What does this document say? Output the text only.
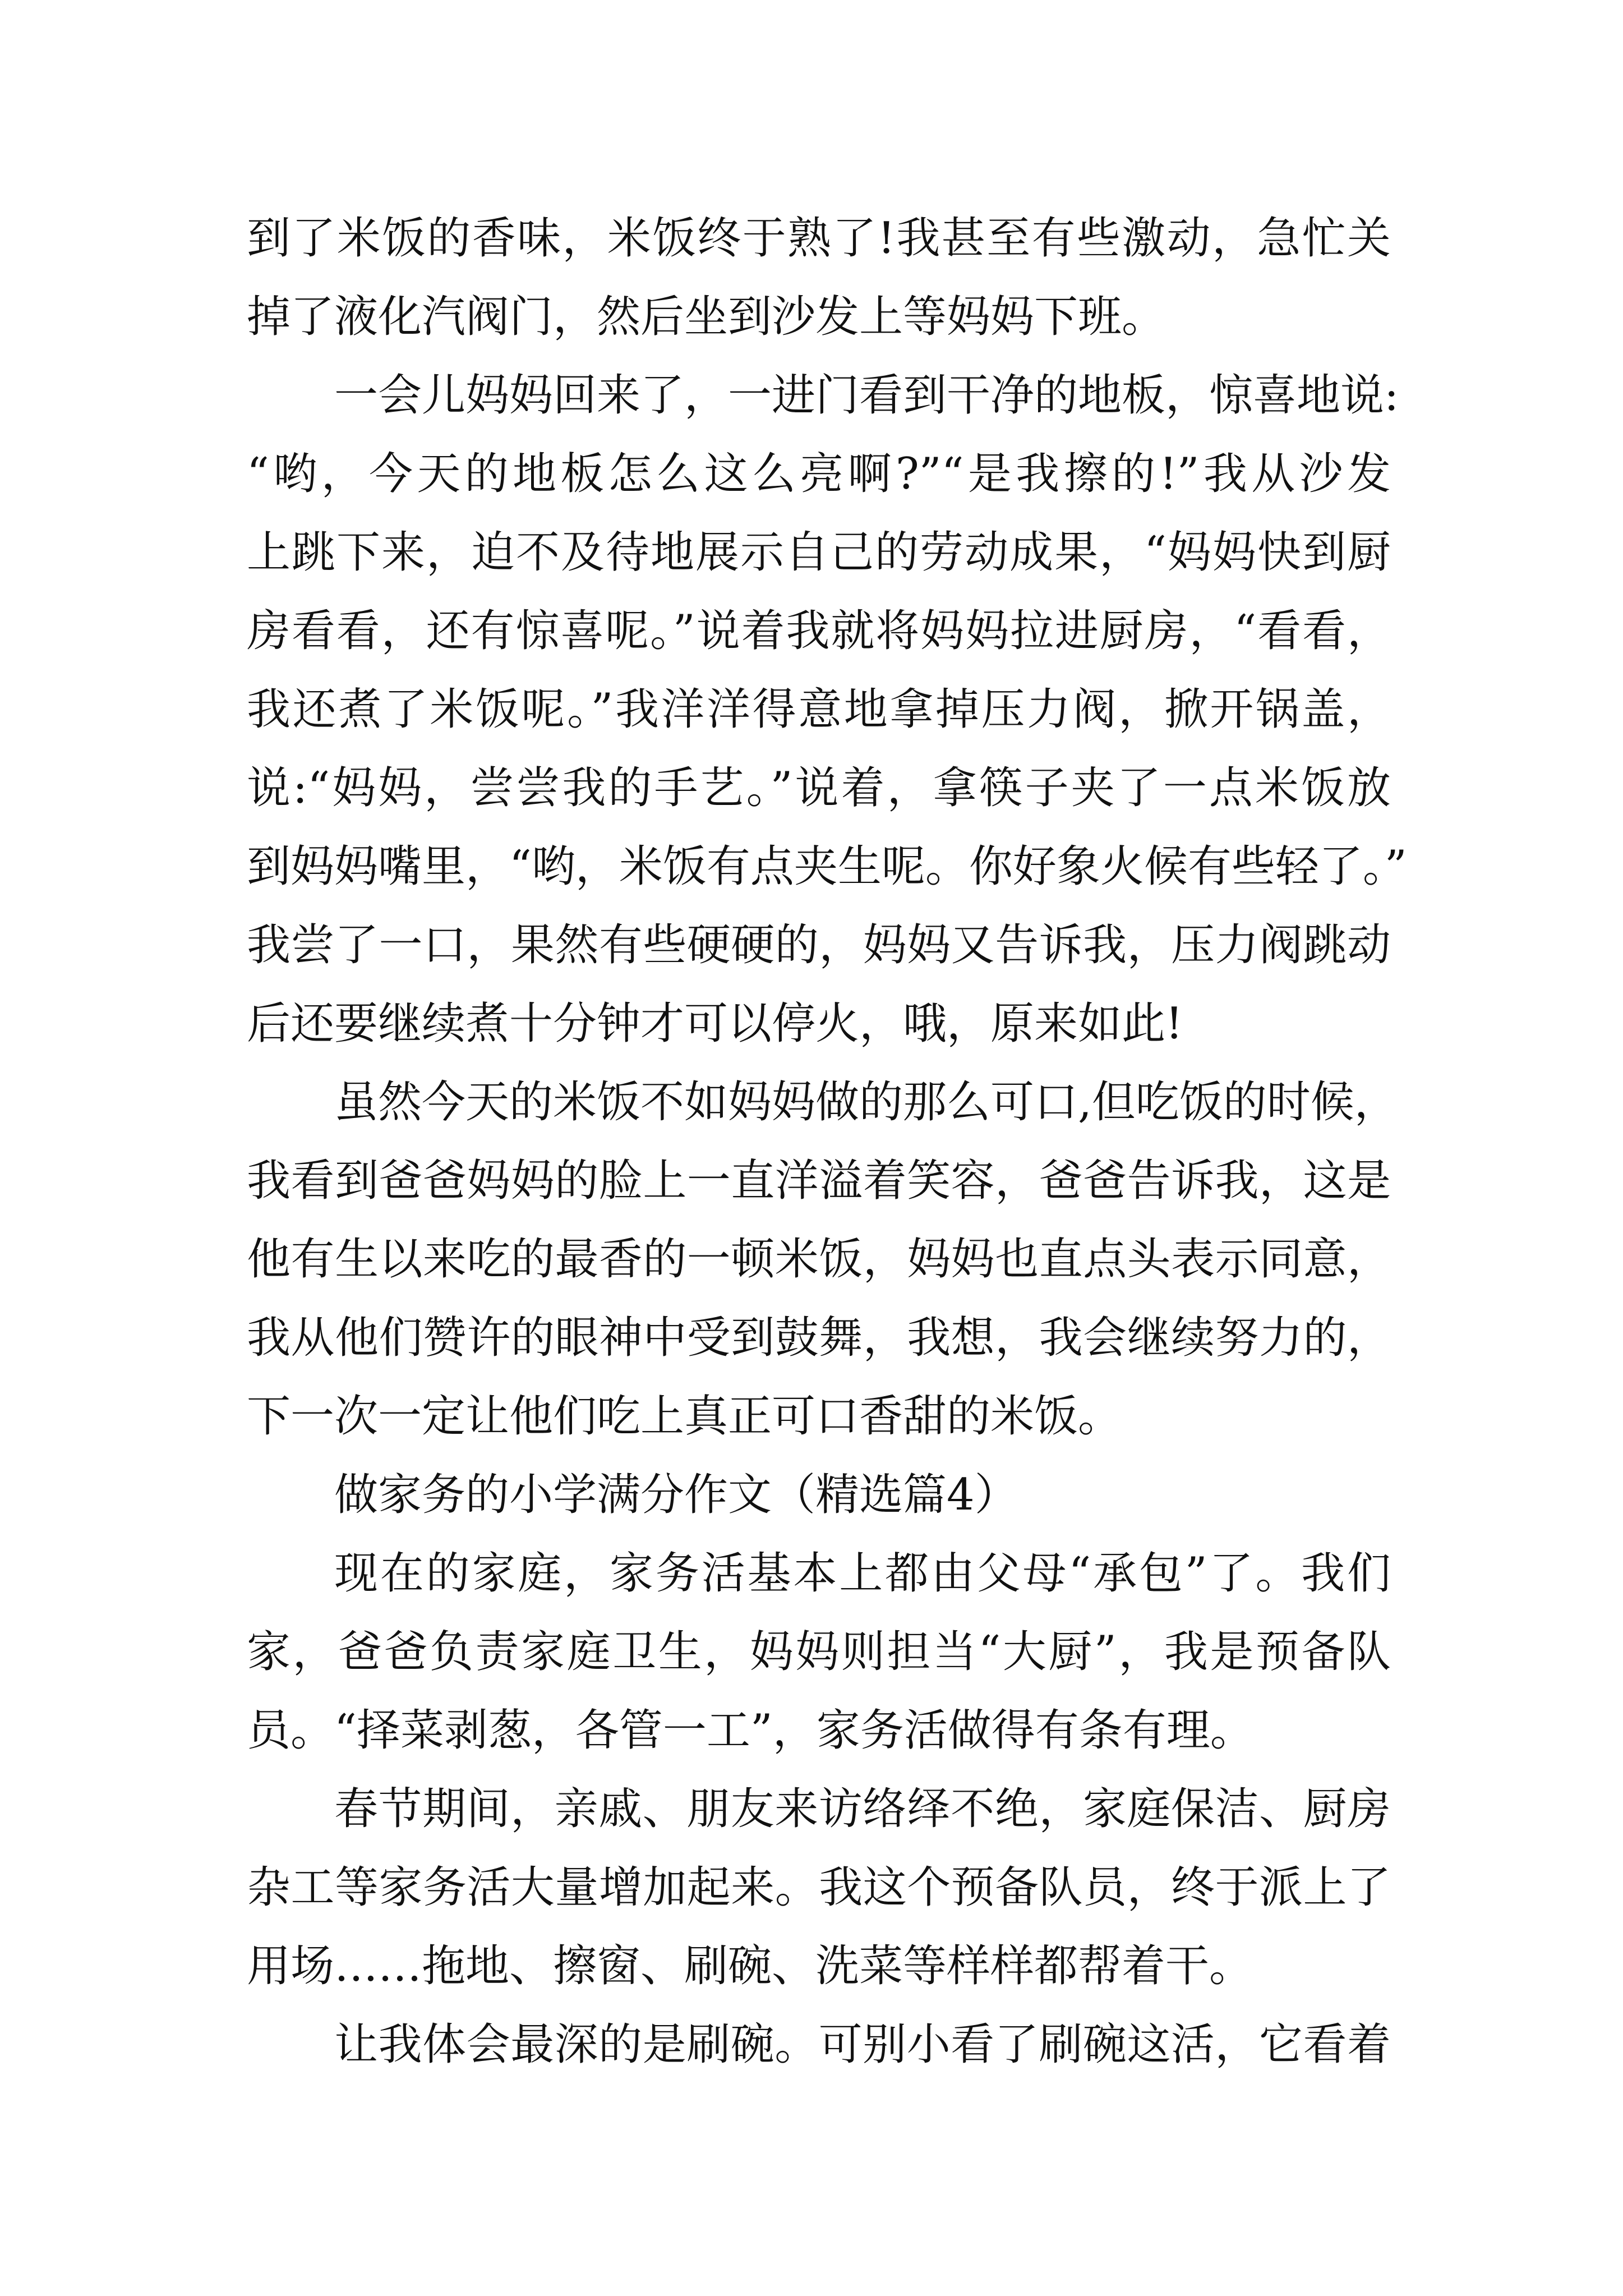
到了米饭的香味，米饭终于熟了!我甚至有些激动，急忙关
掉了液化汽阀门，然后坐到沙发上等妈妈下班。
一会儿妈妈回来了，一进门看到干净的地板，惊喜地说:
“哟，今天的地板怎么这么亮啊?”“是我擦的!”我从沙发
上跳下来，迫不及待地展示自己的劳动成果，“妈妈快到厨
房看看，还有惊喜呢。”说着我就将妈妈拉进厨房，“看看，
我还煮了米饭呢。”我洋洋得意地拿掉压力阀，掀开锅盖，
说:“妈妈，尝尝我的手艺。”说着，拿筷子夹了一点米饭放
到妈妈嘴里，“哟，米饭有点夹生呢。你好象火候有些轻了。”
我尝了一口，果然有些硬硬的，妈妈又告诉我，压力阀跳动
后还要继续煮十分钟才可以停火，哦，原来如此!
虽然今天的米饭不如妈妈做的那么可口,但吃饭的时候，
我看到爸爸妈妈的脸上一直洋溢着笑容，爸爸告诉我，这是
他有生以来吃的最香的一顿米饭，妈妈也直点头表示同意，
我从他们赞许的眼神中受到鼓舞，我想，我会继续努力的，
下一次一定让他们吃上真正可口香甜的米饭。
做家务的小学满分作文（精选篇4）
现在的家庭，家务活基本上都由父母“承包”了。我们
家，爸爸负责家庭卫生，妈妈则担当“大厨”，我是预备队
员。“择菜剥葱，各管一工”，家务活做得有条有理。
春节期间，亲戚、朋友来访络绎不绝，家庭保洁、厨房
杂工等家务活大量增加起来。我这个预备队员，终于派上了
用场……拖地、擦窗、刷碗、洗菜等样样都帮着干。
让我体会最深的是刷碗。可别小看了刷碗这活，它看着
